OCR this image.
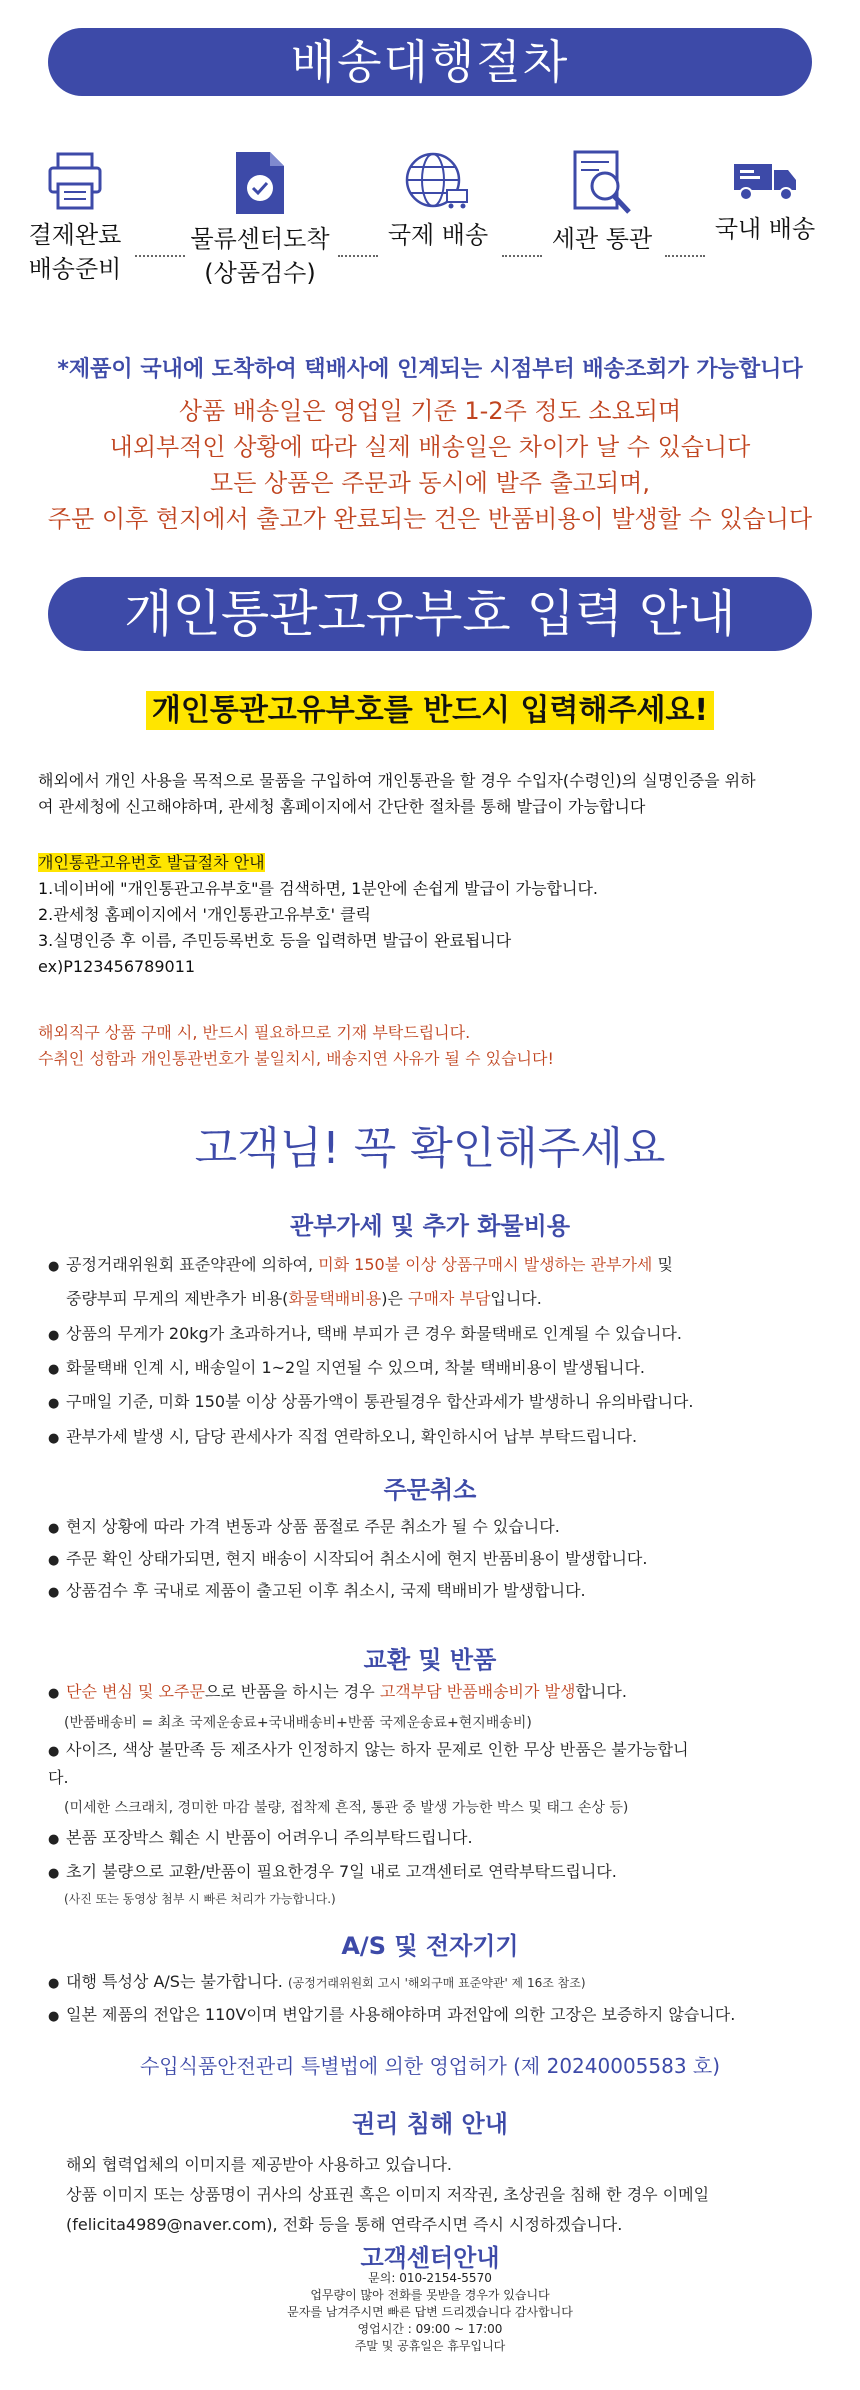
배송대행절차
결제완료
배송준비
물류센터도착
(상품검수)
국제 배송	세관 통관	국내 배송
*제품이 국내에 도착하여 택배사에 인계되는 시점부터 배송조회가 가능합니다
상품 배송일은 영업일 기준 1-2주 정도 소요되며
내외부적인 상황에 따라 실제 배송일은 차이가 날 수 있습니다
모든 상품은 주문과 동시에 발주 출고되며,
주문 이후 현지에서 출고가 완료되는 건은 반품비용이 발생할 수 있습니다
개인통관고유부호 입력 안내
개인통관고유부호를 반드시 입력해주세요!
해외에서 개인 사용을 목적으로 물품을 구입하여 개인통관을 할 경우 수입자(수령인)의 실명인증을 위하
여 관세청에 신고해야하며, 관세청 홈페이지에서 간단한 절차를 통해 발급이 가능합니다
개인통관고유번호 발급절차 안내
1.네이버에 "개인통관고유부호"를 검색하면, 1분안에 손쉽게 발급이 가능합니다.
2.관세청 홈페이지에서 '개인통관고유부호' 클릭
3.실명인증 후 이름, 주민등록번호 등을 입력하면 발급이 완료됩니다
ex)P123456789011
해외직구 상품 구매 시, 반드시 필요하므로 기재 부탁드립니다.
수취인 성함과 개인통관번호가 불일치시, 배송지연 사유가 될 수 있습니다!
고객님! 꼭 확인해주세요
관부가세 및 추가 화물비용
● 공정거래위원회 표준약관에 의하여, 미화 150불 이상 상품구매시 발생하는 관부가세 및
중량부피 무게의 제반추가 비용(화물택배비용)은 구매자 부담입니다.
● 상품의 무게가 20kg가 초과하거나, 택배 부피가 큰 경우 화물택배로 인계될 수 있습니다.
● 화물택배 인계 시, 배송일이 1~2일 지연될 수 있으며, 착불 택배비용이 발생됩니다.
● 구매일 기준, 미화 150불 이상 상품가액이 통관될경우 합산과세가 발생하니 유의바랍니다.
● 관부가세 발생 시, 담당 관세사가 직접 연락하오니, 확인하시어 납부 부탁드립니다.
주문취소
● 현지 상황에 따라 가격 변동과 상품 품절로 주문 취소가 될 수 있습니다.
● 주문 확인 상태가되면, 현지 배송이 시작되어 취소시에 현지 반품비용이 발생합니다.
● 상품검수 후 국내로 제품이 출고된 이후 취소시, 국제 택배비가 발생합니다.
교환 및 반품
● 단순 변심 및 오주문으로 반품을 하시는 경우 고객부담 반품배송비가 발생합니다.
(반품배송비 = 최초 국제운송료+국내배송비+반품 국제운송료+현지배송비)
● 사이즈, 색상 불만족 등 제조사가 인정하지 않는 하자 문제로 인한 무상 반품은 불가능합니
다.
(미세한 스크래치, 경미한 마감 불량, 접착제 흔적, 통관 중 발생 가능한 박스 및 태그 손상 등)
● 본품 포장박스 훼손 시 반품이 어려우니 주의부탁드립니다.
● 초기 불량으로 교환/반품이 필요한경우 7일 내로 고객센터로 연락부탁드립니다.
(사진 또는 동영상 첨부 시 빠른 처리가 가능합니다.)
A/S 및 전자기기
● 대행 특성상 A/S는 불가합니다. (공정거래위원회 고시 '해외구매 표준약관' 제 16조 참조)
● 일본 제품의 전압은 110V이며 변압기를 사용해야하며 과전압에 의한 고장은 보증하지 않습니다.
수입식품안전관리 특별법에 의한 영업허가 (제 20240005583 호)
권리 침해 안내
해외 협력업체의 이미지를 제공받아 사용하고 있습니다.
상품 이미지 또는 상품명이 귀사의 상표권 혹은 이미지 저작권, 초상권을 침해 한 경우 이메일
(felicita4989@naver.com), 전화 등을 통해 연락주시면 즉시 시정하겠습니다.
고객센터안내
문의: 010-2154-5570
업무량이 많아 전화를 못받을 경우가 있습니다
문자를 남겨주시면 빠른 답변 드리겠습니다 감사합니다
영업시간 : 09:00 ~ 17:00
주말 및 공휴일은 휴무입니다
